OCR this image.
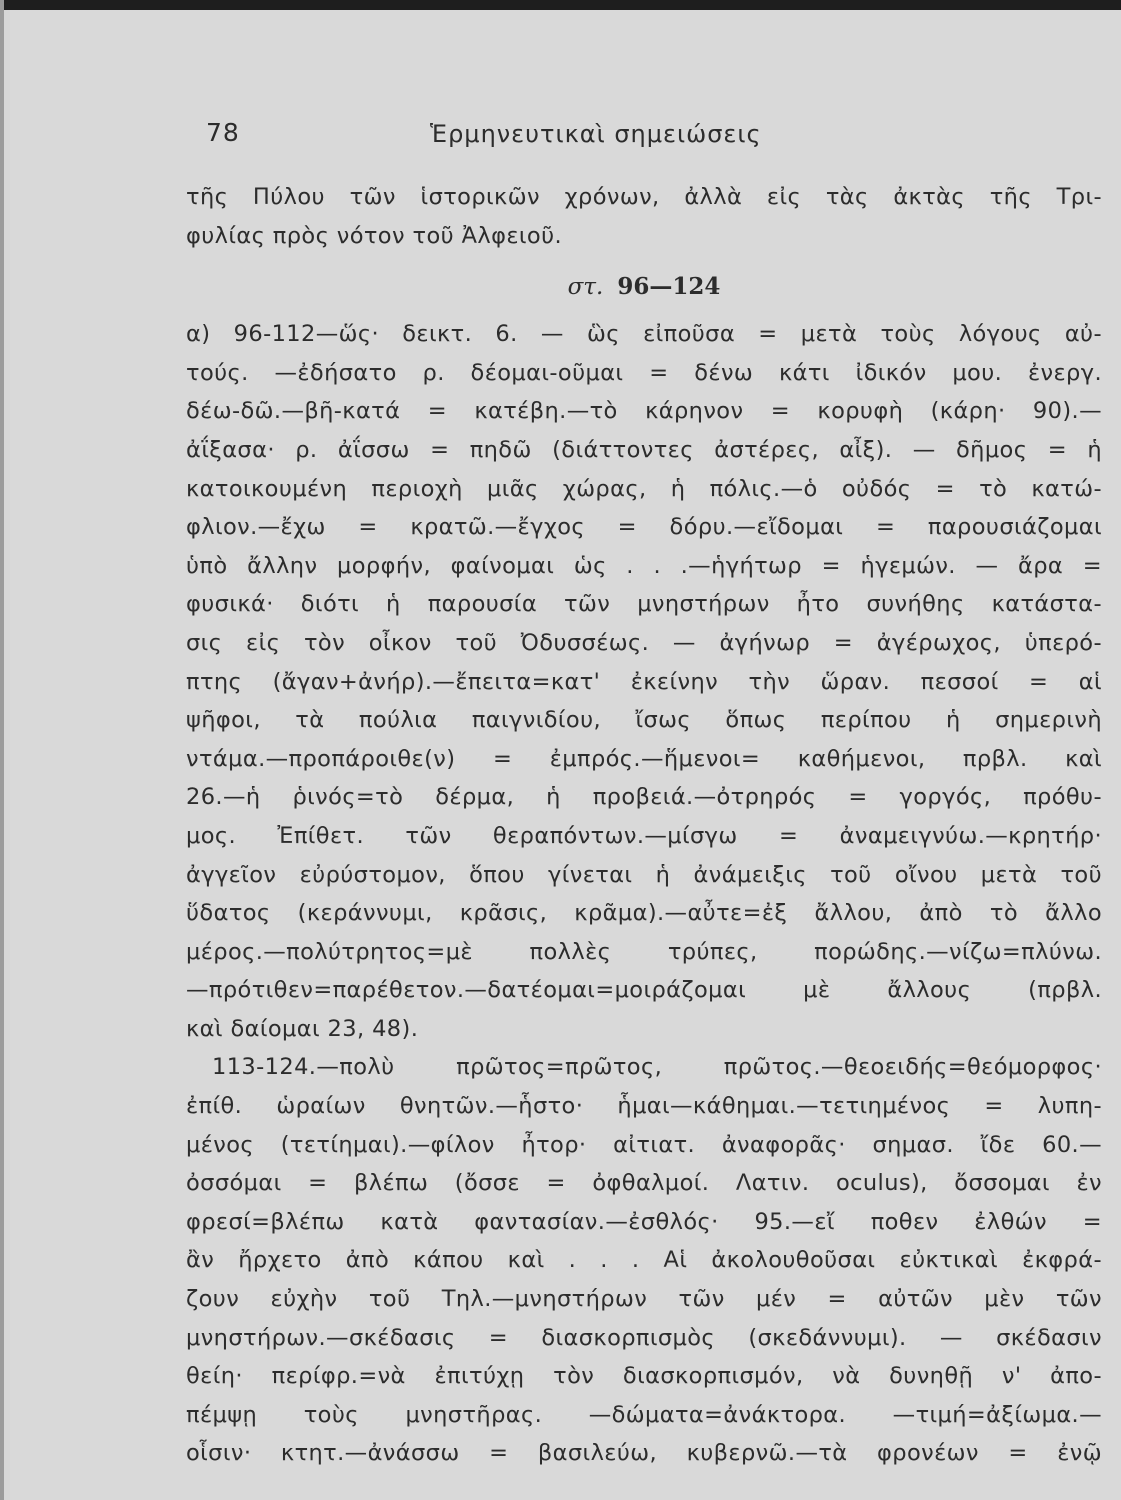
78	Ἑρμηνευτικαὶ σημειώσεις
τῆς Πύλου τῶν ἱστορικῶν χρόνων, ἀλλὰ εἰς τὰς ἀκτὰς τῆς Τρι-
φυλίας πρὸς νότον τοῦ Ἀλφειοῦ.
στ. 96—124
α) 96-112—ὥς· δεικτ. 6. — ὣς εἰποῦσα = μετὰ τοὺς λόγους αὐ-
τούς. —ἐδήσατο ρ. δέομαι-οῦμαι = δένω κάτι ἰδικόν μου. ἐνεργ.
δέω-δῶ.—βῆ-κατά = κατέβη.—τὸ κάρηνον = κορυφὴ (κάρη· 90).—
ἀΐξασα· ρ. ἀΐσσω = πηδῶ (διάττοντες ἀστέρες, αἶξ). — δῆμος = ἡ
κατοικουμένη περιοχὴ μιᾶς χώρας, ἡ πόλις.—ὁ οὐδός = τὸ κατώ-
φλιον.—ἔχω = κρατῶ.—ἔγχος = δόρυ.—εἴδομαι = παρουσιάζομαι
ὑπὸ ἄλλην μορφήν, φαίνομαι ὡς . . .—ἡγήτωρ = ἡγεμών. — ἄρα =
φυσικά· διότι ἡ παρουσία τῶν μνηστήρων ἦτο συνήθης κατάστα-
σις εἰς τὸν οἶκον τοῦ Ὀδυσσέως. — ἀγήνωρ = ἀγέρωχος, ὑπερό-
πτης (ἄγαν+ἀνήρ).—ἔπειτα=κατ' ἐκείνην τὴν ὥραν. πεσσοί = αἱ
ψῆφοι, τὰ πούλια παιγνιδίου, ἴσως ὅπως περίπου ἡ σημερινὴ
ντάμα.—προπάροιθε(ν) = ἐμπρός.—ἥμενοι= καθήμενοι, πρβλ. καὶ
26.—ἡ ῥινός=τὸ δέρμα, ἡ προβειά.—ὀτρηρός = γοργός, πρόθυ-
μος. Ἐπίθετ. τῶν θεραπόντων.—μίσγω = ἀναμειγνύω.—κρητήρ·
ἀγγεῖον εὐρύστομον, ὅπου γίνεται ἡ ἀνάμειξις τοῦ οἴνου μετὰ τοῦ
ὕδατος (κεράννυμι, κρᾶσις, κρᾶμα).—αὖτε=ἐξ ἄλλου, ἀπὸ τὸ ἄλλο
μέρος.—πολύτρητος=μὲ πολλὲς τρύπες, πορώδης.—νίζω=πλύνω.
—πρότιθεν=παρέθετον.—δατέομαι=μοιράζομαι μὲ ἄλλους (πρβλ.
καὶ δαίομαι 23, 48).
113-124.—πολὺ πρῶτος=πρῶτος, πρῶτος.—θεοειδής=θεόμορφος·
ἐπίθ. ὡραίων θνητῶν.—ἧστο· ἧμαι—κάθημαι.—τετιημένος = λυπη-
μένος (τετίημαι).—φίλον ἦτορ· αἰτιατ. ἀναφορᾶς· σημασ. ἴδε 60.—
ὀσσόμαι = βλέπω (ὄσσε = ὀφθαλμοί. Λατιν. oculus), ὄσσομαι ἐν
φρεσί=βλέπω κατὰ φαντασίαν.—ἐσθλός· 95.—εἴ ποθεν ἐλθών =
ἂν ἤρχετο ἀπὸ κάπου καὶ . . . Αἱ ἀκολουθοῦσαι εὐκτικαὶ ἐκφρά-
ζουν εὐχὴν τοῦ Τηλ.—μνηστήρων τῶν μέν = αὐτῶν μὲν τῶν
μνηστήρων.—σκέδασις = διασκορπισμὸς (σκεδάννυμι). — σκέδασιν
θείη· περίφρ.=νὰ ἐπιτύχῃ τὸν διασκορπισμόν, νὰ δυνηθῇ ν' ἀπο-
πέμψῃ τοὺς μνηστῆρας. —δώματα=ἀνάκτορα. —τιμή=ἀξίωμα.—
οἷσιν· κτητ.—ἀνάσσω = βασιλεύω, κυβερνῶ.—τὰ φρονέων = ἐνῷ
